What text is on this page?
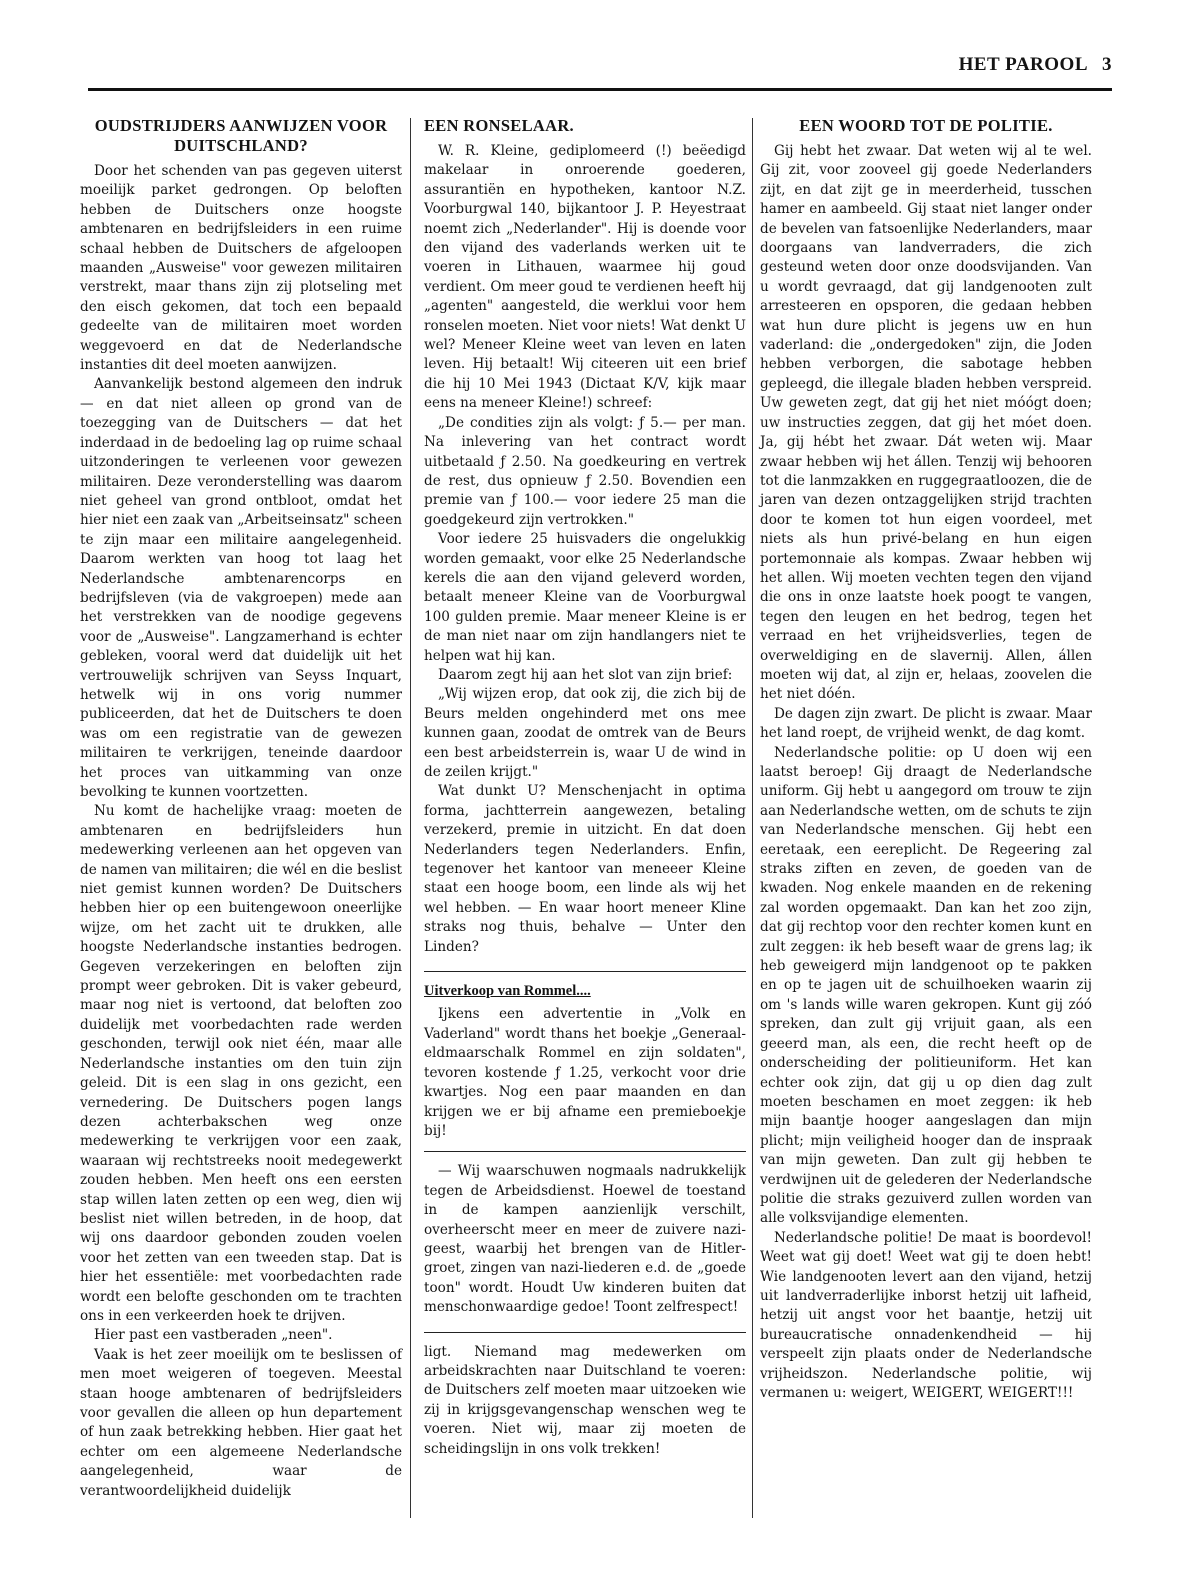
HET PAROOL 3
OUDSTRIJDERS AANWIJZEN VOOR DUITSCHLAND?

Door het schenden van pas gegeven uiterst moeilijk parket gedrongen. Op beloften hebben de Duitschers onze hoogste ambtenaren en bedrijfsleiders in een ruime schaal hebben de Duitschers de afgeloopen maanden „Ausweise" voor gewezen militairen verstrekt, maar thans zijn zij plotseling met den eisch gekomen, dat toch een bepaald gedeelte van de militairen moet worden weggevoerd en dat de Nederlandsche instanties dit deel moeten aanwijzen.

Aanvankelijk bestond algemeen den indruk — en dat niet alleen op grond van de toezegging van de Duitschers — dat het inderdaad in de bedoeling lag op ruime schaal uitzonderingen te verleenen voor gewezen militairen. Deze veronderstelling was daarom niet geheel van grond ontbloot, omdat het hier niet een zaak van „Arbeitseinsatz" scheen te zijn maar een militaire aangelegenheid. Daarom werkten van hoog tot laag het Nederlandsche ambtenarencorps en bedrijfsleven (via de vakgroepen) mede aan het verstrekken van de noodige gegevens voor de „Ausweise". Langzamerhand is echter gebleken, vooral werd dat duidelijk uit het vertrouwelijk schrijven van Seyss Inquart, hetwelk wij in ons vorig nummer publiceerden, dat het de Duitschers te doen was om een registratie van de gewezen militairen te verkrijgen, teneinde daardoor het proces van uitkamming van onze bevolking te kunnen voortzetten.

Nu komt de hachelijke vraag: moeten de ambtenaren en bedrijfsleiders hun medewerking verleenen aan het opgeven van de namen van militairen; die wél en die beslist niet gemist kunnen worden? De Duitschers hebben hier op een buitengewoon oneerlijke wijze, om het zacht uit te drukken, alle hoogste Nederlandsche instanties bedrogen. Gegeven verzekeringen en beloften zijn prompt weer gebroken. Dit is vaker gebeurd, maar nog niet is vertoond, dat beloften zoo duidelijk met voorbedachten rade werden geschonden, terwijl ook niet één, maar alle Nederlandsche instanties om den tuin zijn geleid. Dit is een slag in ons gezicht, een vernedering. De Duitschers pogen langs dezen achterbakschen weg onze medewerking te verkrijgen voor een zaak, waaraan wij rechtstreeks nooit medegewerkt zouden hebben. Men heeft ons een eersten stap willen laten zetten op een weg, dien wij beslist niet willen betreden, in de hoop, dat wij ons daardoor gebonden zouden voelen voor het zetten van een tweeden stap. Dat is hier het essentiële: met voorbedachten rade wordt een belofte geschonden om te trachten ons in een verkeerden hoek te drijven.

Hier past een vastberaden „neen".

Vaak is het zeer moeilijk om te beslissen of men moet weigeren of toegeven. Meestal staan hooge ambtenaren of bedrijfsleiders voor gevallen die alleen op hun departement of hun zaak betrekking hebben. Hier gaat het echter om een algemeene Nederlandsche aangelegenheid, waar de verantwoordelijkheid duidelijk

EEN RONSELAAR.

W. R. Kleine, gediplomeerd (!) beëedigd makelaar in onroerende goederen, assurantiën en hypotheken, kantoor N.Z. Voorburgwal 140, bijkantoor J. P. Heyestraat noemt zich „Nederlander". Hij is doende voor den vijand des vaderlands werken uit te voeren in Lithauen, waarmee hij goud verdient. Om meer goud te verdienen heeft hij „agenten" aangesteld, die werklui voor hem ronselen moeten. Niet voor niets! Wat denkt U wel? Meneer Kleine weet van leven en laten leven. Hij betaalt! Wij citeeren uit een brief die hij 10 Mei 1943 (Dictaat K/V, kijk maar eens na meneer Kleine!) schreef:

„De condities zijn als volgt: ƒ 5.— per man. Na inlevering van het contract wordt uitbetaald ƒ 2.50. Na goedkeuring en vertrek de rest, dus opnieuw ƒ 2.50. Bovendien een premie van ƒ 100.— voor iedere 25 man die goedgekeurd zijn vertrokken."

Voor iedere 25 huisvaders die ongelukkig worden gemaakt, voor elke 25 Nederlandsche kerels die aan den vijand geleverd worden, betaalt meneer Kleine van de Voorburgwal 100 gulden premie. Maar meneer Kleine is er de man niet naar om zijn handlangers niet te helpen wat hij kan.

Daarom zegt hij aan het slot van zijn brief:

„Wij wijzen erop, dat ook zij, die zich bij de Beurs melden ongehinderd met ons mee kunnen gaan, zoodat de omtrek van de Beurs een best arbeidsterrein is, waar U de wind in de zeilen krijgt."

Wat dunkt U? Menschenjacht in optima forma, jachtterrein aangewezen, betaling verzekerd, premie in uitzicht. En dat doen Nederlanders tegen Nederlanders. Enfin, tegenover het kantoor van meneeer Kleine staat een hooge boom, een linde als wij het wel hebben. — En waar hoort meneer Kline straks nog thuis, behalve — Unter den Linden?

Uitverkoop van Rommel....

Ijkens een advertentie in „Volk en Vaderland" wordt thans het boekje „Generaal-eldmaarschalk Rommel en zijn soldaten", tevoren kostende ƒ 1.25, verkocht voor drie kwartjes. Nog een paar maanden en dan krijgen we er bij afname een premieboekje bij!

— Wij waarschuwen nogmaals nadrukkelijk tegen de Arbeidsdienst. Hoewel de toestand in de kampen aanzienlijk verschilt, overheerscht meer en meer de zuivere nazi-geest, waarbij het brengen van de Hitler-groet, zingen van nazi-liederen e.d. de „goede toon" wordt. Houdt Uw kinderen buiten dat menschonwaardige gedoe! Toont zelfrespect!

ligt. Niemand mag medewerken om arbeidskrachten naar Duitschland te voeren: de Duitschers zelf moeten maar uitzoeken wie zij in krijgsgevangenschap wenschen weg te voeren. Niet wij, maar zij moeten de scheidingslijn in ons volk trekken!

EEN WOORD TOT DE POLITIE.

Gij hebt het zwaar. Dat weten wij al te wel. Gij zit, voor zooveel gij goede Nederlanders zijt, en dat zijt ge in meerderheid, tusschen hamer en aambeeld. Gij staat niet langer onder de bevelen van fatsoenlijke Nederlanders, maar doorgaans van landverraders, die zich gesteund weten door onze doodsvijanden. Van u wordt gevraagd, dat gij landgenooten zult arresteeren en opsporen, die gedaan hebben wat hun dure plicht is jegens uw en hun vaderland: die „ondergedoken" zijn, die Joden hebben verborgen, die sabotage hebben gepleegd, die illegale bladen hebben verspreid. Uw geweten zegt, dat gij het niet móógt doen; uw instructies zeggen, dat gij het móet doen. Ja, gij hébt het zwaar. Dát weten wij. Maar zwaar hebben wij het állen. Tenzij wij behooren tot die lanmzakken en ruggegraatloozen, die de jaren van dezen ontzaggelijken strijd trachten door te komen tot hun eigen voordeel, met niets als hun privé-belang en hun eigen portemonnaie als kompas. Zwaar hebben wij het allen. Wij moeten vechten tegen den vijand die ons in onze laatste hoek poogt te vangen, tegen den leugen en het bedrog, tegen het verraad en het vrijheidsverlies, tegen de overweldiging en de slavernij. Allen, állen moeten wij dat, al zijn er, helaas, zoovelen die het niet dóén.

De dagen zijn zwart. De plicht is zwaar. Maar het land roept, de vrijheid wenkt, de dag komt.

Nederlandsche politie: op U doen wij een laatst beroep! Gij draagt de Nederlandsche uniform. Gij hebt u aangegord om trouw te zijn aan Nederlandsche wetten, om de schuts te zijn van Nederlandsche menschen. Gij hebt een eeretaak, een eereplicht. De Regeering zal straks ziften en zeven, de goeden van de kwaden. Nog enkele maanden en de rekening zal worden opgemaakt. Dan kan het zoo zijn, dat gij rechtop voor den rechter komen kunt en zult zeggen: ik heb beseft waar de grens lag; ik heb geweigerd mijn landgenoot op te pakken en op te jagen uit de schuilhoeken waarin zij om 's lands wille waren gekropen. Kunt gij zóó spreken, dan zult gij vrijuit gaan, als een geeerd man, als een, die recht heeft op de onderscheiding der politieuniform. Het kan echter ook zijn, dat gij u op dien dag zult moeten beschamen en moet zeggen: ik heb mijn baantje hooger aangeslagen dan mijn plicht; mijn veiligheid hooger dan de inspraak van mijn geweten. Dan zult gij hebben te verdwijnen uit de gelederen der Nederlandsche politie die straks gezuiverd zullen worden van alle volksvijandige elementen.

Nederlandsche politie! De maat is boordevol! Weet wat gij doet! Weet wat gij te doen hebt! Wie landgenooten levert aan den vijand, hetzij uit landverraderlijke inborst hetzij uit lafheid, hetzij uit angst voor het baantje, hetzij uit bureaucratische onnadenkendheid — hij verspeelt zijn plaats onder de Nederlandsche vrijheidszon. Nederlandsche politie, wij vermanen u: weigert, WEIGERT, WEIGERT!!!
